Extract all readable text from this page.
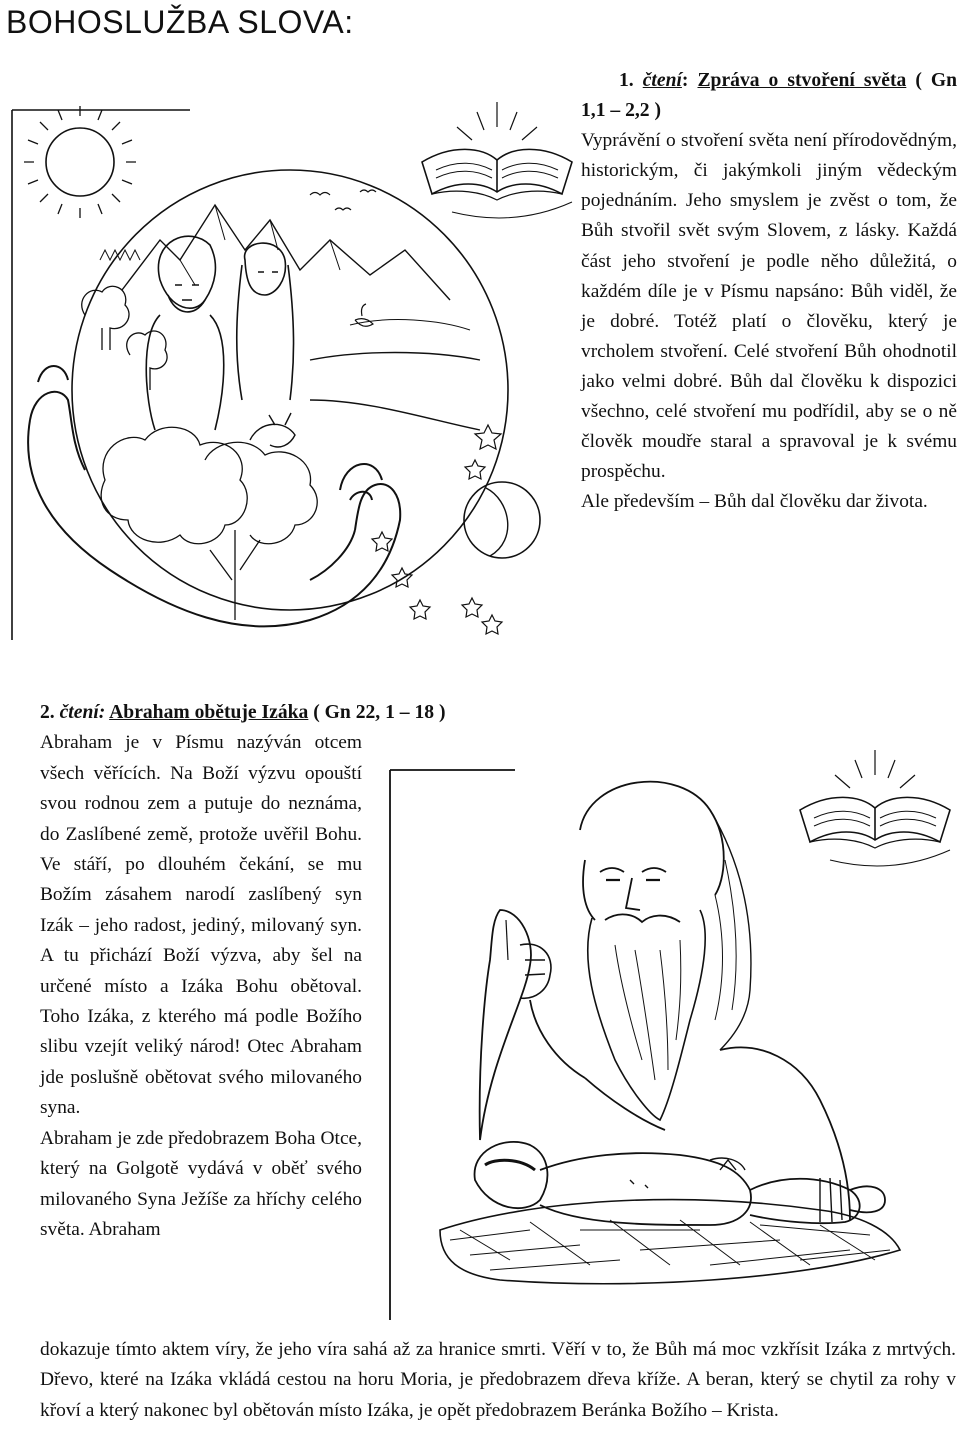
BOHOSLUŽBA SLOVA:

1. čtení: Zpráva o stvoření světa ( Gn 1,1 – 2,2 )

Vyprávění o stvoření světa není přírodovědným, historickým, či jakýmkoli jiným vědeckým pojednáním. Jeho smyslem je zvěst o tom, že Bůh stvořil svět svým Slovem, z lásky. Každá část jeho stvoření je podle něho důležitá, o každém díle je v Písmu napsáno: Bůh viděl, že je dobré. Totéž platí o člověku, který je vrcholem stvoření. Celé stvoření Bůh ohodnotil jako velmi dobré. Bůh dal člověku k dispozici všechno, celé stvoření mu podřídil, aby se o ně člověk moudře staral a spravoval je k svému prospěchu.

Ale především – Bůh dal člověku dar života.

2. čtení: Abraham obětuje Izáka ( Gn 22, 1 – 18 )

Abraham je v Písmu nazýván otcem všech věřících. Na Boží výzvu opouští svou rodnou zem a putuje do neznáma, do Zaslíbené země, protože uvěřil Bohu. Ve stáří, po dlouhém čekání, se mu Božím zásahem narodí zaslíbený syn Izák – jeho radost, jediný, milovaný syn. A tu přichází Boží výzva, aby šel na určené místo a Izáka Bohu obětoval. Toho Izáka, z kterého má podle Božího slibu vzejít veliký národ! Otec Abraham jde poslušně obětovat svého milovaného syna.

Abraham je zde předobrazem Boha Otce, který na Golgotě vydává v oběť svého milovaného Syna Ježíše za hříchy celého světa. Abraham

dokazuje tímto aktem víry, že jeho víra sahá až za hranice smrti. Věří v to, že Bůh má moc vzkřísit Izáka z mrtvých. Dřevo, které na Izáka vkládá cestou na horu Moria, je předobrazem dřeva kříže. A beran, který se chytil za rohy v křoví a který nakonec byl obětován místo Izáka, je opět předobrazem Beránka Božího – Krista.
